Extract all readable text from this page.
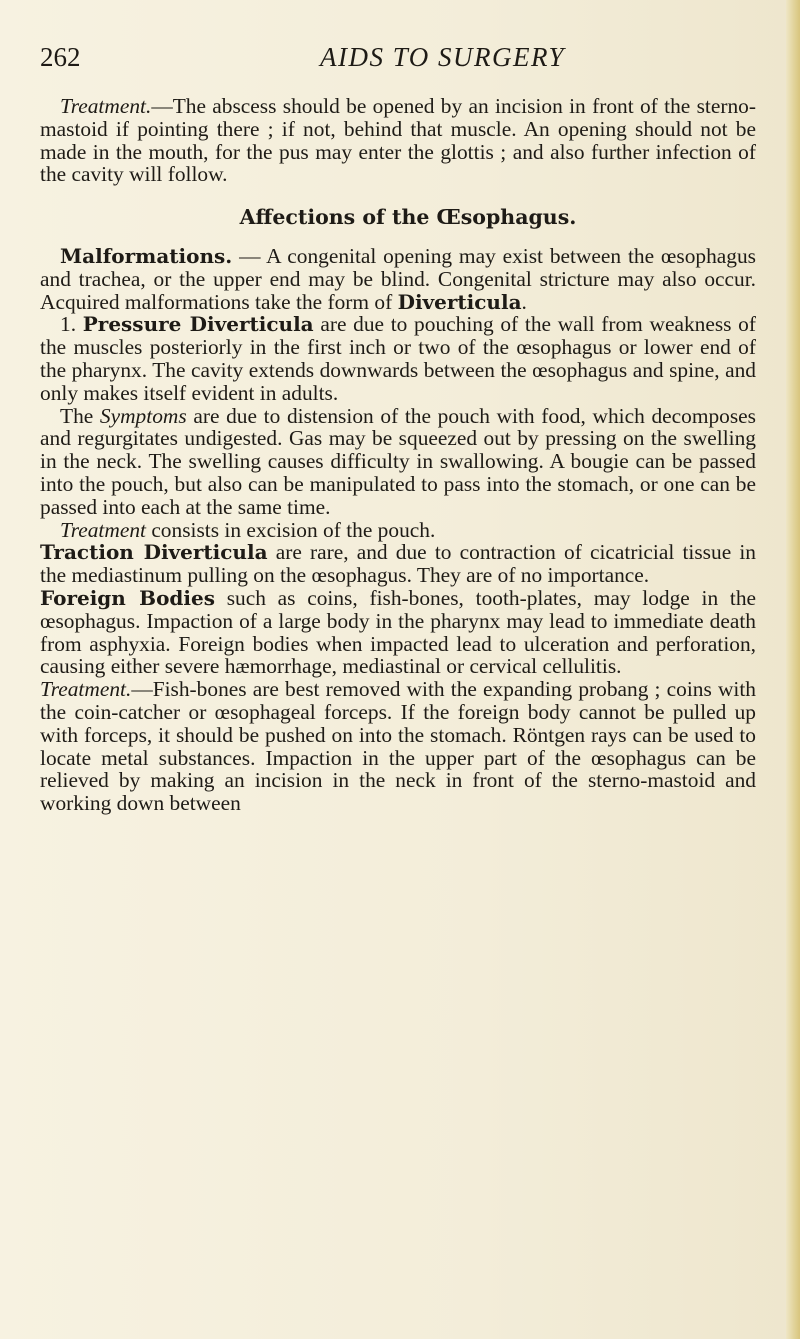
262	AIDS TO SURGERY

Treatment.—The abscess should be opened by an incision in front of the sterno-mastoid if pointing there ; if not, behind that muscle. An opening should not be made in the mouth, for the pus may enter the glottis ; and also further infection of the cavity will follow.

Affections of the Œsophagus.

Malformations. — A congenital opening may exist between the œsophagus and trachea, or the upper end may be blind. Congenital stricture may also occur. Acquired malformations take the form of Diverticula.

1. Pressure Diverticula are due to pouching of the wall from weakness of the muscles posteriorly in the first inch or two of the œsophagus or lower end of the pharynx. The cavity extends downwards between the œsophagus and spine, and only makes itself evident in adults.

The Symptoms are due to distension of the pouch with food, which decomposes and regurgitates undigested. Gas may be squeezed out by pressing on the swelling in the neck. The swelling causes difficulty in swallowing. A bougie can be passed into the pouch, but also can be manipulated to pass into the stomach, or one can be passed into each at the same time.

Treatment consists in excision of the pouch.

Traction Diverticula are rare, and due to contraction of cicatricial tissue in the mediastinum pulling on the œsophagus. They are of no importance.

Foreign Bodies such as coins, fish-bones, tooth-plates, may lodge in the œsophagus. Impaction of a large body in the pharynx may lead to immediate death from asphyxia. Foreign bodies when impacted lead to ulceration and perforation, causing either severe hæmorrhage, mediastinal or cervical cellulitis.

Treatment.—Fish-bones are best removed with the expanding probang ; coins with the coin-catcher or œsophageal forceps. If the foreign body cannot be pulled up with forceps, it should be pushed on into the stomach. Röntgen rays can be used to locate metal substances. Impaction in the upper part of the œsophagus can be relieved by making an incision in the neck in front of the sterno-mastoid and working down between
